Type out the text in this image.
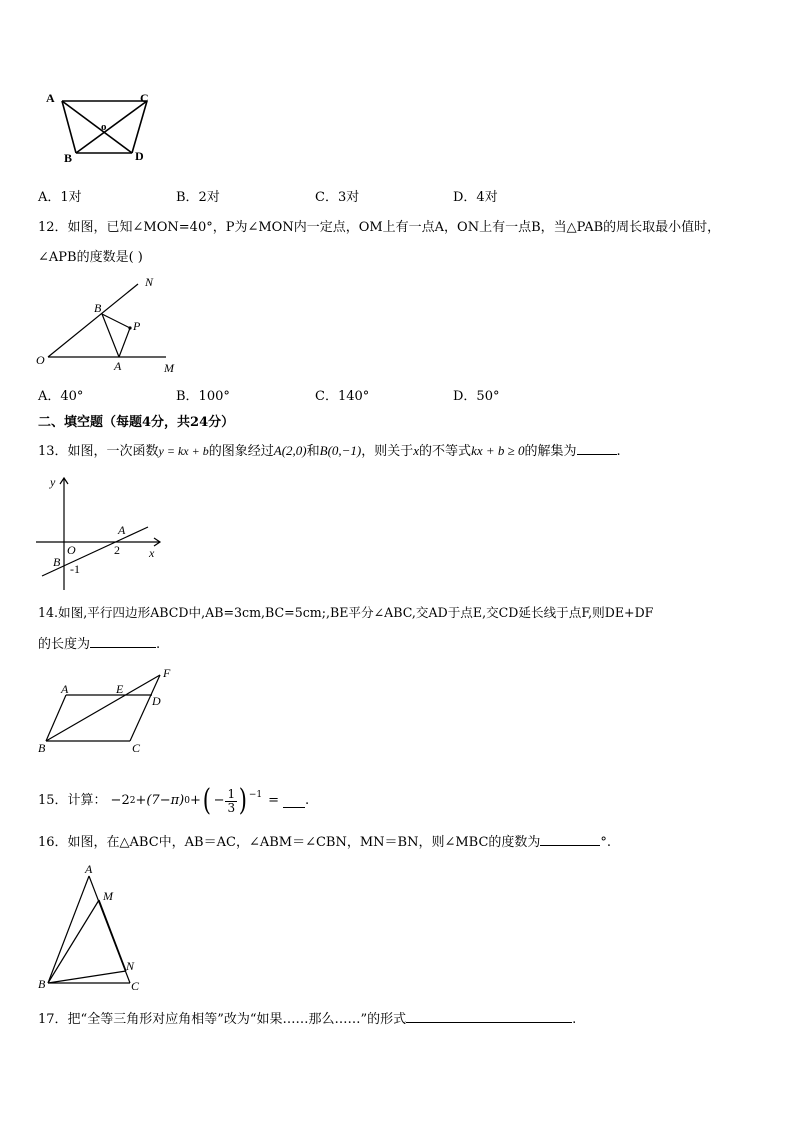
A	C
o
B	D
A．1对	B．2对	C．3对	D．4对
12．如图，已知∠MON=40°，P为∠MON内一定点，OM上有一点A，ON上有一点B，当△PAB的周长取最小值时，
∠APB的度数是( )
N
B
P
O	A	M
A．40°	B．100°	C．140°	D．50°
二、填空题（每题4分，共24分）
13．如图，一次函数y = kx + b的图象经过A(2,0)和B(0,−1)，则关于x的不等式kx + b ≥ 0的解集为	.
y
x
A
O	2
B -1
14.如图,平行四边形ABCD中,AB=3cm,BC=5cm;,BE平分∠ABC,交AD于点E,交CD延长线于点F,则DE+DF
的长度为	.
A	E
F
D
B	C
15．计算： −2 2 +(7−π) 0 + ( − $\frac{1}{3} )^{-1}$ = .
16．如图，在△ABC中，AB＝AC，∠ABM＝∠CBN，MN＝BN，则∠MBC的度数为	°.
A
M
N
B	C
17．把“全等三角形对应角相等”改为“如果……那么……”的形式	.
